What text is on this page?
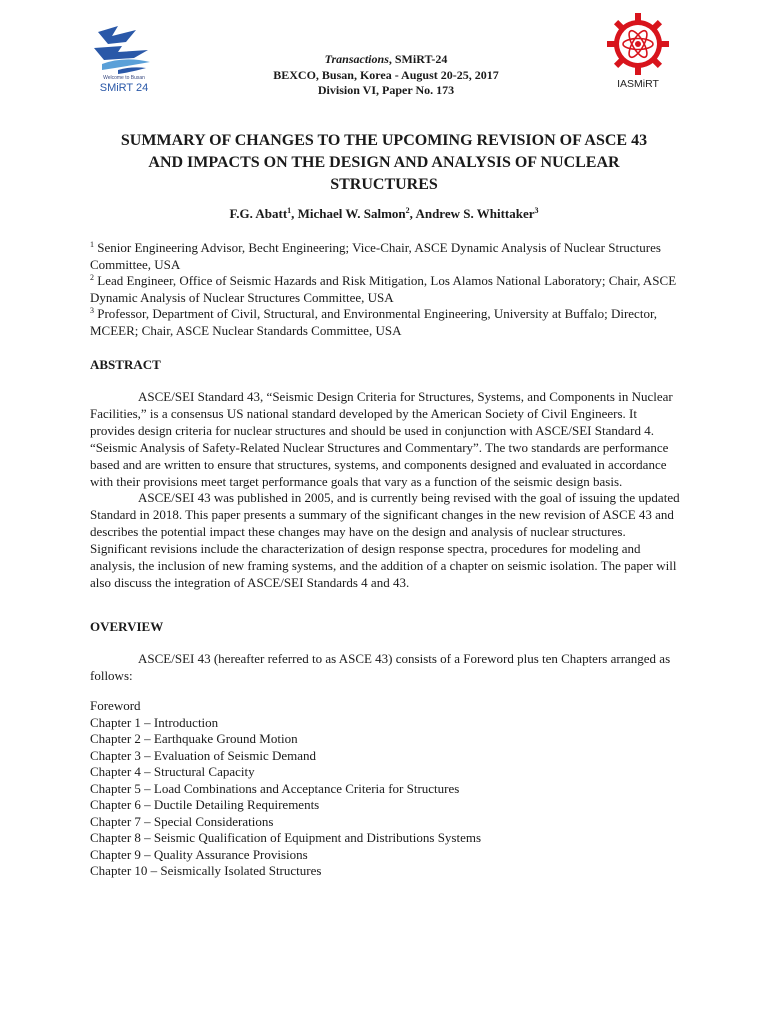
Welcome to Busan
SMiRT 24
Transactions, SMiRT-24
BEXCO, Busan, Korea - August 20-25, 2017
Division VI, Paper No. 173	IASMiRT
SUMMARY OF CHANGES TO THE UPCOMING REVISION OF ASCE 43
AND IMPACTS ON THE DESIGN AND ANALYSIS OF NUCLEAR
STRUCTURES
F.G. Abatt$^1$, Michael W. Salmon$^2$, Andrew S. Whittaker$^3$

$^1$ Senior Engineering Advisor, Becht Engineering; Vice-Chair, ASCE Dynamic Analysis of Nuclear Structures Committee, USA

$^2$ Lead Engineer, Office of Seismic Hazards and Risk Mitigation, Los Alamos National Laboratory; Chair, ASCE Dynamic Analysis of Nuclear Structures Committee, USA

$^3$ Professor, Department of Civil, Structural, and Environmental Engineering, University at Buffalo; Director, MCEER; Chair, ASCE Nuclear Standards Committee, USA

ABSTRACT

ASCE/SEI Standard 43, “Seismic Design Criteria for Structures, Systems, and Components in Nuclear Facilities,” is a consensus US national standard developed by the American Society of Civil Engineers. It provides design criteria for nuclear structures and should be used in conjunction with ASCE/SEI Standard 4. “Seismic Analysis of Safety-Related Nuclear Structures and Commentary”. The two standards are performance based and are written to ensure that structures, systems, and components designed and evaluated in accordance with their provisions meet target performance goals that vary as a function of the seismic design basis.

ASCE/SEI 43 was published in 2005, and is currently being revised with the goal of issuing the updated Standard in 2018. This paper presents a summary of the significant changes in the new revision of ASCE 43 and describes the potential impact these changes may have on the design and analysis of nuclear structures. Significant revisions include the characterization of design response spectra, procedures for modeling and analysis, the inclusion of new framing systems, and the addition of a chapter on seismic isolation. The paper will also discuss the integration of ASCE/SEI Standards 4 and 43.

OVERVIEW

ASCE/SEI 43 (hereafter referred to as ASCE 43) consists of a Foreword plus ten Chapters arranged as follows:

Foreword
Chapter 1 – Introduction
Chapter 2 – Earthquake Ground Motion
Chapter 3 – Evaluation of Seismic Demand
Chapter 4 – Structural Capacity
Chapter 5 – Load Combinations and Acceptance Criteria for Structures
Chapter 6 – Ductile Detailing Requirements
Chapter 7 – Special Considerations
Chapter 8 – Seismic Qualification of Equipment and Distributions Systems
Chapter 9 – Quality Assurance Provisions
Chapter 10 – Seismically Isolated Structures
